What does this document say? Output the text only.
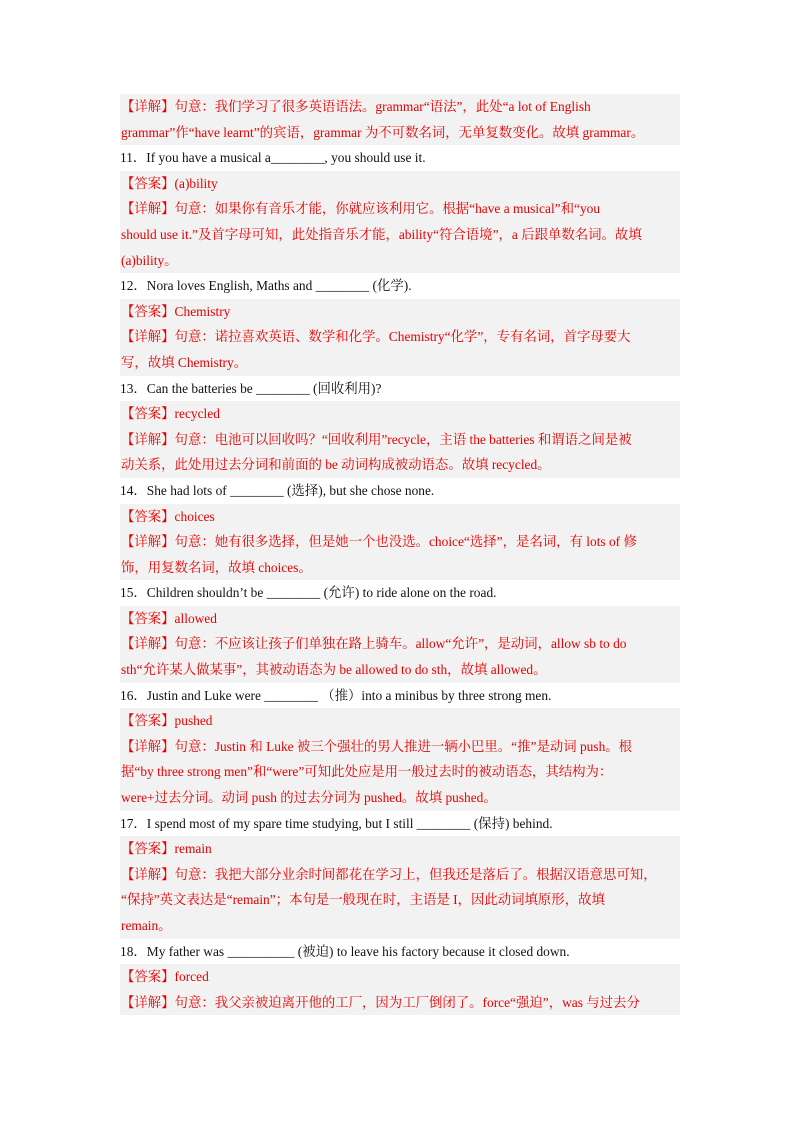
【详解】句意：我们学习了很多英语语法。grammar“语法”，此处“a lot of English
grammar”作“have learnt”的宾语，grammar 为不可数名词，无单复数变化。故填 grammar。
11．If you have a musical a________, you should use it.
【答案】(a)bility
【详解】句意：如果你有音乐才能，你就应该利用它。根据“have a musical”和“you
should use it.”及首字母可知，此处指音乐才能，ability“符合语境”，a 后跟单数名词。故填
(a)bility。
12．Nora loves English, Maths and ________ (化学).
【答案】Chemistry
【详解】句意：诺拉喜欢英语、数学和化学。Chemistry“化学”，专有名词，首字母要大
写，故填 Chemistry。
13．Can the batteries be ________ (回收利用)?
【答案】recycled
【详解】句意：电池可以回收吗？“回收利用”recycle，主语 the batteries 和谓语之间是被
动关系，此处用过去分词和前面的 be 动词构成被动语态。故填 recycled。
14．She had lots of ________ (选择), but she chose none.
【答案】choices
【详解】句意：她有很多选择，但是她一个也没选。choice“选择”，是名词，有 lots of 修
饰，用复数名词，故填 choices。
15．Children shouldn’t be ________ (允许) to ride alone on the road.
【答案】allowed
【详解】句意：不应该让孩子们单独在路上骑车。allow“允许”，是动词，allow sb to do
sth“允许某人做某事”，其被动语态为 be allowed to do sth，故填 allowed。
16．Justin and Luke were ________ （推）into a minibus by three strong men.
【答案】pushed
【详解】句意：Justin 和 Luke 被三个强壮的男人推进一辆小巴里。“推”是动词 push。根
据“by three strong men”和“were”可知此处应是用一般过去时的被动语态，其结构为：
were+过去分词。动词 push 的过去分词为 pushed。故填 pushed。
17．I spend most of my spare time studying, but I still ________ (保持) behind.
【答案】remain
【详解】句意：我把大部分业余时间都花在学习上，但我还是落后了。根据汉语意思可知，
“保持”英文表达是“remain”；本句是一般现在时，主语是 I，因此动词填原形，故填
remain。
18．My father was __________ (被迫) to leave his factory because it closed down.
【答案】forced
【详解】句意：我父亲被迫离开他的工厂，因为工厂倒闭了。force“强迫”，was 与过去分
